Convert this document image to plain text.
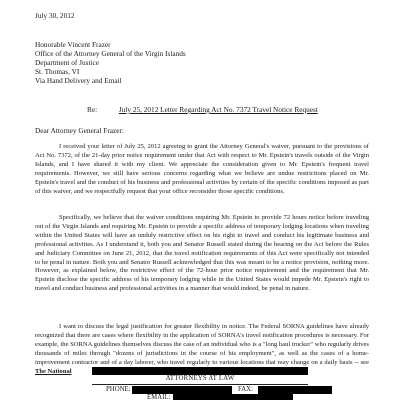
July 30, 2012
Honorable Vincent Frazer
Office of the Attorney General of the Virgin Islands
Department of Justice
St. Thomas, VI
Via Hand Delivery and Email
Re:	July 25, 2012 Letter Regarding Act No. 7372 Travel Notice Request
Dear Attorney General Frazer:
I received your letter of July 25, 2012 agreeing to grant the Attorney General's waiver, pursuant to the provisions of Act No. 7372, of the 21-day prior notice requirement under that Act with respect to Mr. Epstein's travels outside of the Virgin Islands, and I have shared it with my client. We appreciate the consideration given to Mr. Epstein's frequent travel requirements. However, we still have serious concerns regarding what we believe are undue restrictions placed on Mr. Epstein's travel and the conduct of his business and professional activities by certain of the specific conditions imposed as part of this waiver, and we respectfully request that your office reconsider those specific conditions.
Specifically, we believe that the waiver conditions requiring Mr. Epstein to provide 72 hours notice before traveling out of the Virgin Islands and requiring Mr. Epstein to provide a specific address of temporary lodging locations when traveling within the United States will have an unduly restrictive effect on his right to travel and conduct his legitimate business and professional activities. As I understand it, both you and Senator Russell stated during the hearing on the Act before the Rules and Judiciary Committee on June 21, 2012, that the travel notification requirements of this Act were specifically not intended to be penal in nature. Both you and Senator Russell acknowledged that this was meant to be a notice provision, nothing more. However, as explained below, the restrictive effect of the 72-hour prior notice requirement and the requirement that Mr. Epstein disclose the specific address of his temporary lodging while in the United States would impede Mr. Epstein's right to travel and conduct business and professional activities in a manner that would indeed, be penal in nature.
I want to discuss the legal justification for greater flexibility in notice. The Federal SORNA guidelines have already recognized that there are cases where flexibility in the application of SORNA's travel notification procedures is necessary. For example, the SORNA guidelines themselves discuss the case of an individual who is a "long haul trucker" who regularly drives thousands of miles through "dozens of jurisdictions in the course of his employment", as well as the cases of a home-improvement contractor and of a day laborer, who travel regularly to various locations that may change on a daily basis -- see The National
ATTORNEYS AT LAW
PHONE:	FAX:
EMAIL:
